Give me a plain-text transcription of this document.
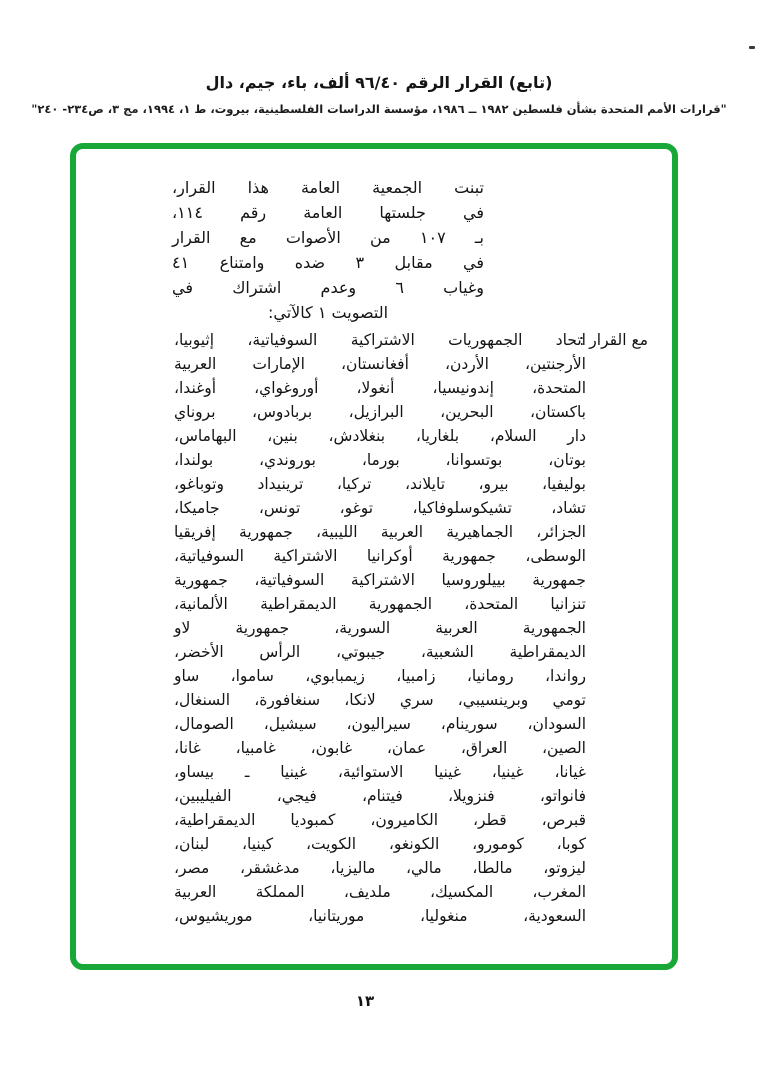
(تابع) القرار الرقم ٩٦/٤٠ ألف، باء، جيم، دال
"قرارات الأمم المتحدة بشأن فلسطين ١٩٨٢ ــ ١٩٨٦، مؤسسة الدراسات الفلسطينية، بيروت، ط ١، ١٩٩٤، مج ٣، ص٢٣٤- ٢٤٠"
تبنت الجمعية العامة هذا القرار،
في جلستها العامة رقم ١١٤،
بـ ١٠٧ من الأصوات مع القرار
في مقابل ٣ ضده وامتناع ٤١
وغياب ٦ وعدم اشتراك في
التصويت ١ كالآتي:
مع القرار :
اتحاد الجمهوريات الاشتراكية السوفياتية، إثيوبيا،
الأرجنتين، الأردن، أفغانستان، الإمارات العربية
المتحدة، إندونيسيا، أنغولا، أوروغواي، أوغندا،
باكستان، البحرين، البرازيل، بربادوس، بروناي
دار السلام، بلغاريا، بنغلادش، بنين، البهاماس،
بوتان، بوتسوانا، بورما، بوروندي، بولندا،
بوليفيا، بيرو، تايلاند، تركيا، ترينيداد وتوباغو،
تشاد، تشيكوسلوفاكيا، توغو، تونس، جاميكا،
الجزائر، الجماهيرية العربية الليبية، جمهورية إفريقيا
الوسطى، جمهورية أوكرانيا الاشتراكية السوفياتية،
جمهورية بييلوروسيا الاشتراكية السوفياتية، جمهورية
تنزانيا المتحدة، الجمهورية الديمقراطية الألمانية،
الجمهورية العربية السورية، جمهورية لاو
الديمقراطية الشعبية، جيبوتي، الرأس الأخضر،
رواندا، رومانيا، زامبيا، زيمبابوي، ساموا، ساو
تومي وبرينسيبي، سري لانكا، سنغافورة، السنغال،
السودان، سورينام، سيراليون، سيشيل، الصومال،
الصين، العراق، عمان، غابون، غامبيا، غانا،
غيانا، غينيا، غينيا الاستوائية، غينيا ـ بيساو،
فانواتو، فنزويلا، فيتنام، فيجي، الفيليبين،
قبرص، قطر، الكاميرون، كمبوديا الديمقراطية،
كوبا، كومورو، الكونغو، الكويت، كينيا، لبنان،
ليزوتو، مالطا، مالي، ماليزيا، مدغشقر، مصر،
المغرب، المكسيك، ملديف، المملكة العربية
السعودية، منغوليا، موريتانيا، موريشيوس،
١٣
